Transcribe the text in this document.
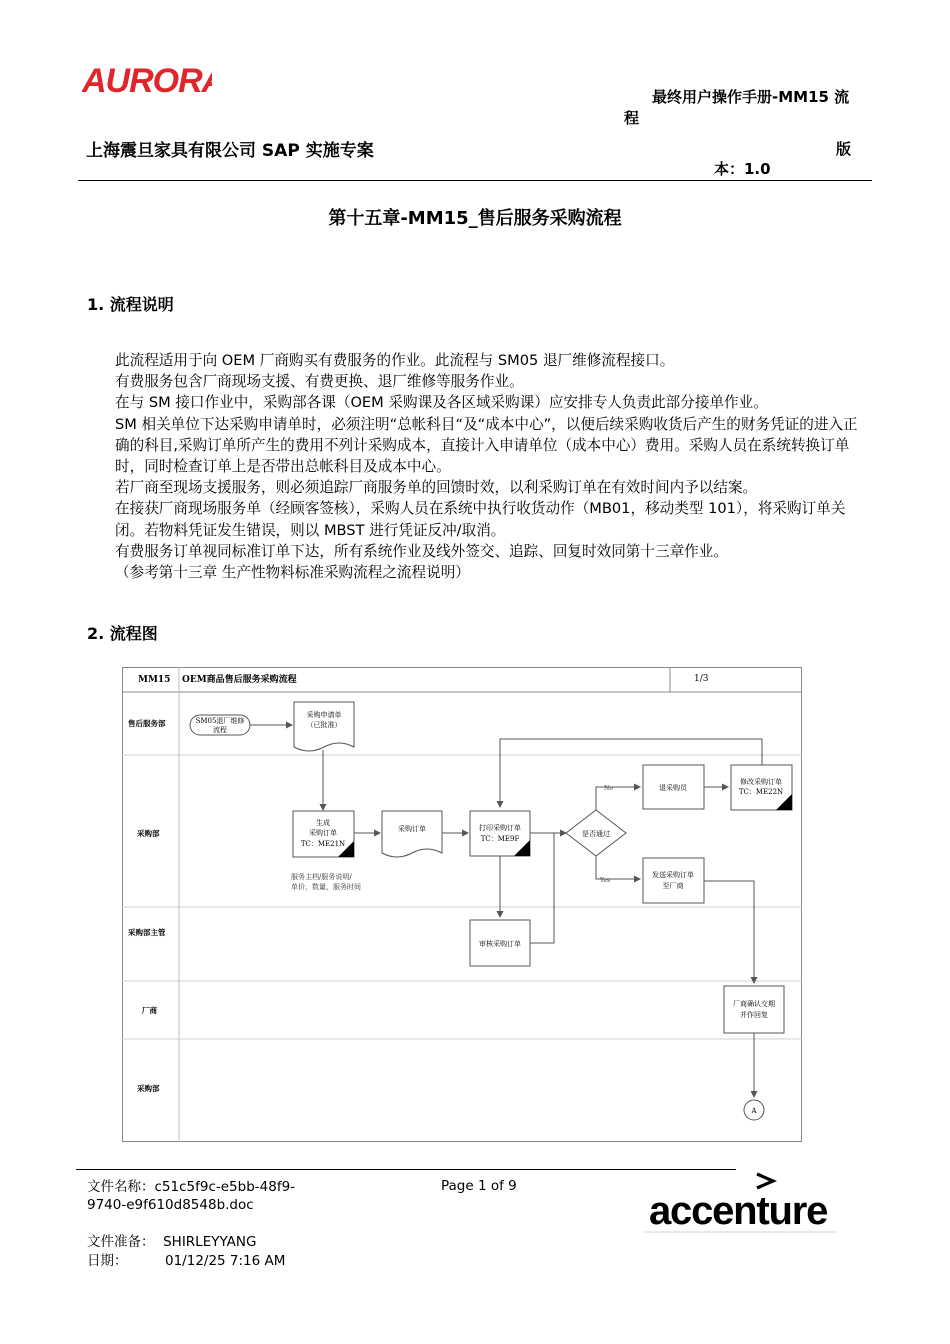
AURORA	最终用户操作手册-MM15 流
程
上海震旦家具有限公司 SAP 实施专案	版
本：1.0
第十五章-MM15_售后服务采购流程
1. 流程说明

此流程适用于向 OEM 厂商购买有费服务的作业。此流程与 SM05 退厂维修流程接口。

有费服务包含厂商现场支援、有费更换、退厂维修等服务作业。

在与 SM 接口作业中，采购部各课（OEM 采购课及各区域采购课）应安排专人负责此部分接单作业。

SM 相关单位下达采购申请单时，必须注明“总帐科目“及“成本中心”，以便后续采购收货后产生的财务凭证的进入正确的科目,采购订单所产生的费用不列计采购成本，直接计入申请单位（成本中心）费用。采购人员在系统转换订单时，同时检查订单上是否带出总帐科目及成本中心。

若厂商至现场支援服务，则必须追踪厂商服务单的回馈时效，以利采购订单在有效时间内予以结案。

在接获厂商现场服务单（经顾客签核），采购人员在系统中执行收货动作（MB01，移动类型 101），将采购订单关闭。若物料凭证发生错误，则以 MBST 进行凭证反冲/取消。

有费服务订单视同标准订单下达，所有系统作业及线外签交、追踪、回复时效同第十三章作业。

（参考第十三章 生产性物料标准采购流程之流程说明）

2. 流程图
MM15 OEM商品售后服务采购流程	1/3
售后服务部
采购部
采购部主管
厂商
采购部
SM05退厂维修
流程
采购申请单
（已批准）
生成
采购订单
TC：ME21N
采购订单	打印采购订单
TC：ME9F
是否通过
No
Yes
退采购员
修改采购订单
TC：ME22N
发送采购订单
至厂商
审核采购订单
厂商确认交期
并作回复
A
服务主档/服务说明/
单价，数量，服务时间
文件名称：c51c5f9c-e5bb-48f9-
9740-e9f610d8548b.doc
Page 1 of 9
文件准备： SHIRLEYYANG
日期：	01/12/25 7:16 AM
accenture
